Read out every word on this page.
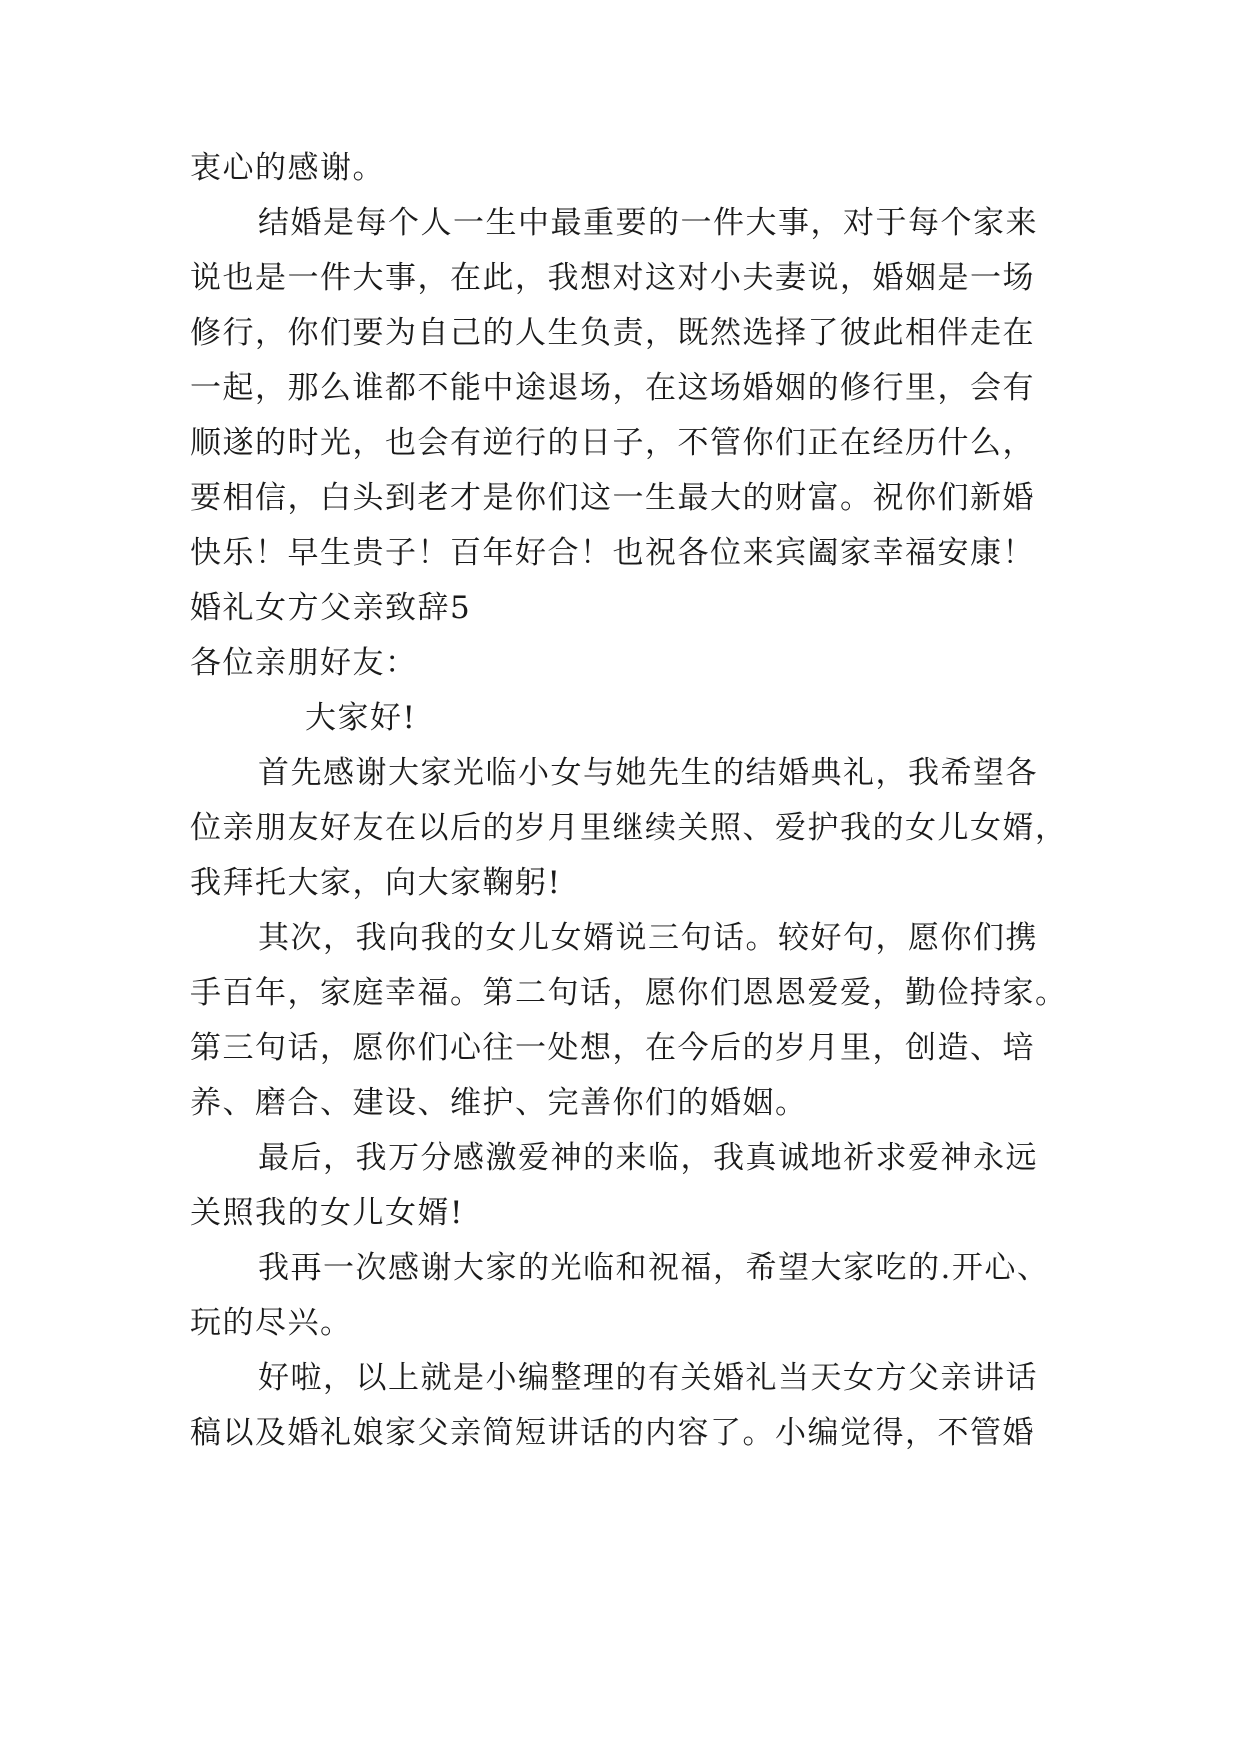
衷心的感谢。
结婚是每个人一生中最重要的一件大事，对于每个家来
说也是一件大事，在此，我想对这对小夫妻说，婚姻是一场
修行，你们要为自己的人生负责，既然选择了彼此相伴走在
一起，那么谁都不能中途退场，在这场婚姻的修行里，会有
顺遂的时光，也会有逆行的日子，不管你们正在经历什么，
要相信，白头到老才是你们这一生最大的财富。祝你们新婚
快乐！早生贵子！百年好合！也祝各位来宾阖家幸福安康！
婚礼女方父亲致辞5
各位亲朋好友：
大家好!
首先感谢大家光临小女与她先生的结婚典礼，我希望各
位亲朋友好友在以后的岁月里继续关照、爱护我的女儿女婿，
我拜托大家，向大家鞠躬!
其次，我向我的女儿女婿说三句话。较好句，愿你们携
手百年，家庭幸福。第二句话，愿你们恩恩爱爱，勤俭持家。
第三句话，愿你们心往一处想，在今后的岁月里，创造、培
养、磨合、建设、维护、完善你们的婚姻。
最后，我万分感激爱神的来临，我真诚地祈求爱神永远
关照我的女儿女婿!
我再一次感谢大家的光临和祝福，希望大家吃的.开心、
玩的尽兴。
好啦，以上就是小编整理的有关婚礼当天女方父亲讲话
稿以及婚礼娘家父亲简短讲话的内容了。小编觉得，不管婚
